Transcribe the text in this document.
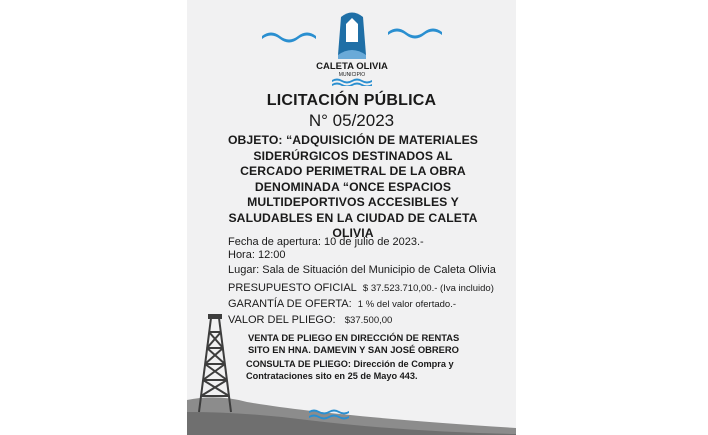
CALETA OLIVIA
MUNICIPIO
LICITACIÓN PÚBLICA
N° 05/2023
OBJETO: “ADQUISICIÓN DE MATERIALES
SIDERÚRGICOS DESTINADOS AL
CERCADO PERIMETRAL DE LA OBRA
DENOMINADA “ONCE ESPACIOS
MULTIDEPORTIVOS ACCESIBLES Y
SALUDABLES EN LA CIUDAD DE CALETA
OLIVIA
Fecha de apertura: 10 de julio de 2023.-
Hora: 12:00
Lugar: Sala de Situación del Municipio de Caleta Olivia
PRESUPUESTO OFICIAL $ 37.523.710,00.- (Iva incluido)
GARANTÍA DE OFERTA: 1 % del valor ofertado.-
VALOR DEL PLIEGO: $37.500,00
VENTA DE PLIEGO EN DIRECCIÓN DE RENTAS
SITO EN HNA. DAMEVIN Y SAN JOSÉ OBRERO
CONSULTA DE PLIEGO: Dirección de Compra y
Contrataciones sito en 25 de Mayo 443.
